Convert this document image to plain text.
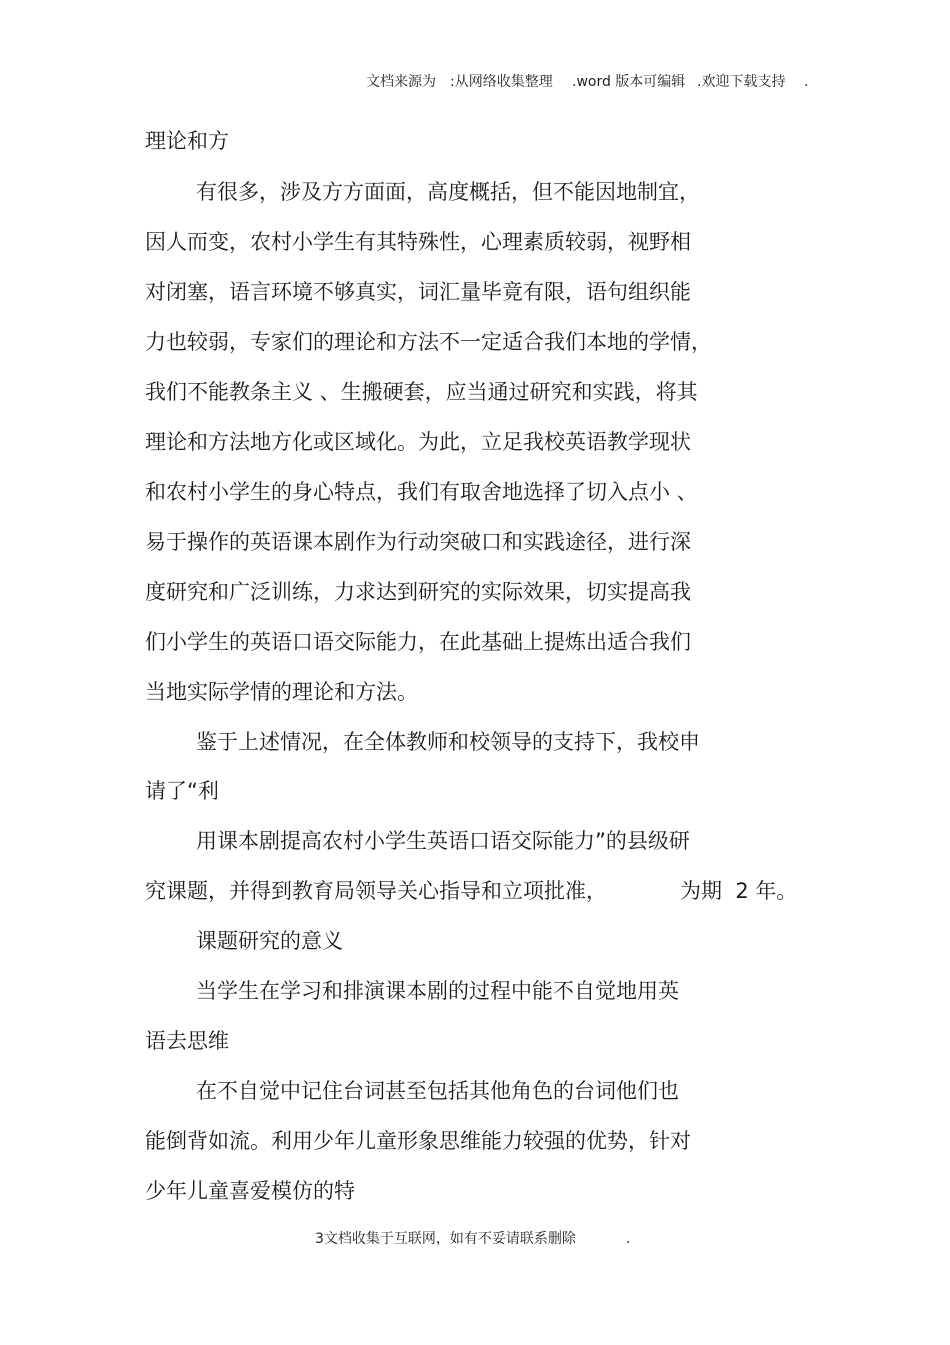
文档来源为 :从网络收集整理 .word 版本可编辑 .欢迎下载支持 .
理论和方
有很多，涉及方方面面，高度概括，但不能因地制宜，
因人而变，农村小学生有其特殊性，心理素质较弱，视野相
对闭塞，语言环境不够真实，词汇量毕竟有限，语句组织能
力也较弱，专家们的理论和方法不一定适合我们本地的学情，
我们不能教条主义 、生搬硬套，应当通过研究和实践，将其
理论和方法地方化或区域化。为此，立足我校英语教学现状
和农村小学生的身心特点，我们有取舍地选择了切入点小 、
易于操作的英语课本剧作为行动突破口和实践途径，进行深
度研究和广泛训练，力求达到研究的实际效果，切实提高我
们小学生的英语口语交际能力，在此基础上提炼出适合我们
当地实际学情的理论和方法。
鉴于上述情况，在全体教师和校领导的支持下，我校申
请了“利
用课本剧提高农村小学生英语口语交际能力”的县级研
究课题，并得到教育局领导关心指导和立项批准，	为期  2 年。
课题研究的意义
当学生在学习和排演课本剧的过程中能不自觉地用英
语去思维
在不自觉中记住台词甚至包括其他角色的台词他们也
能倒背如流。利用少年儿童形象思维能力较强的优势，针对
少年儿童喜爱模仿的特
3文档收集于互联网，如有不妥请联系删除	.
